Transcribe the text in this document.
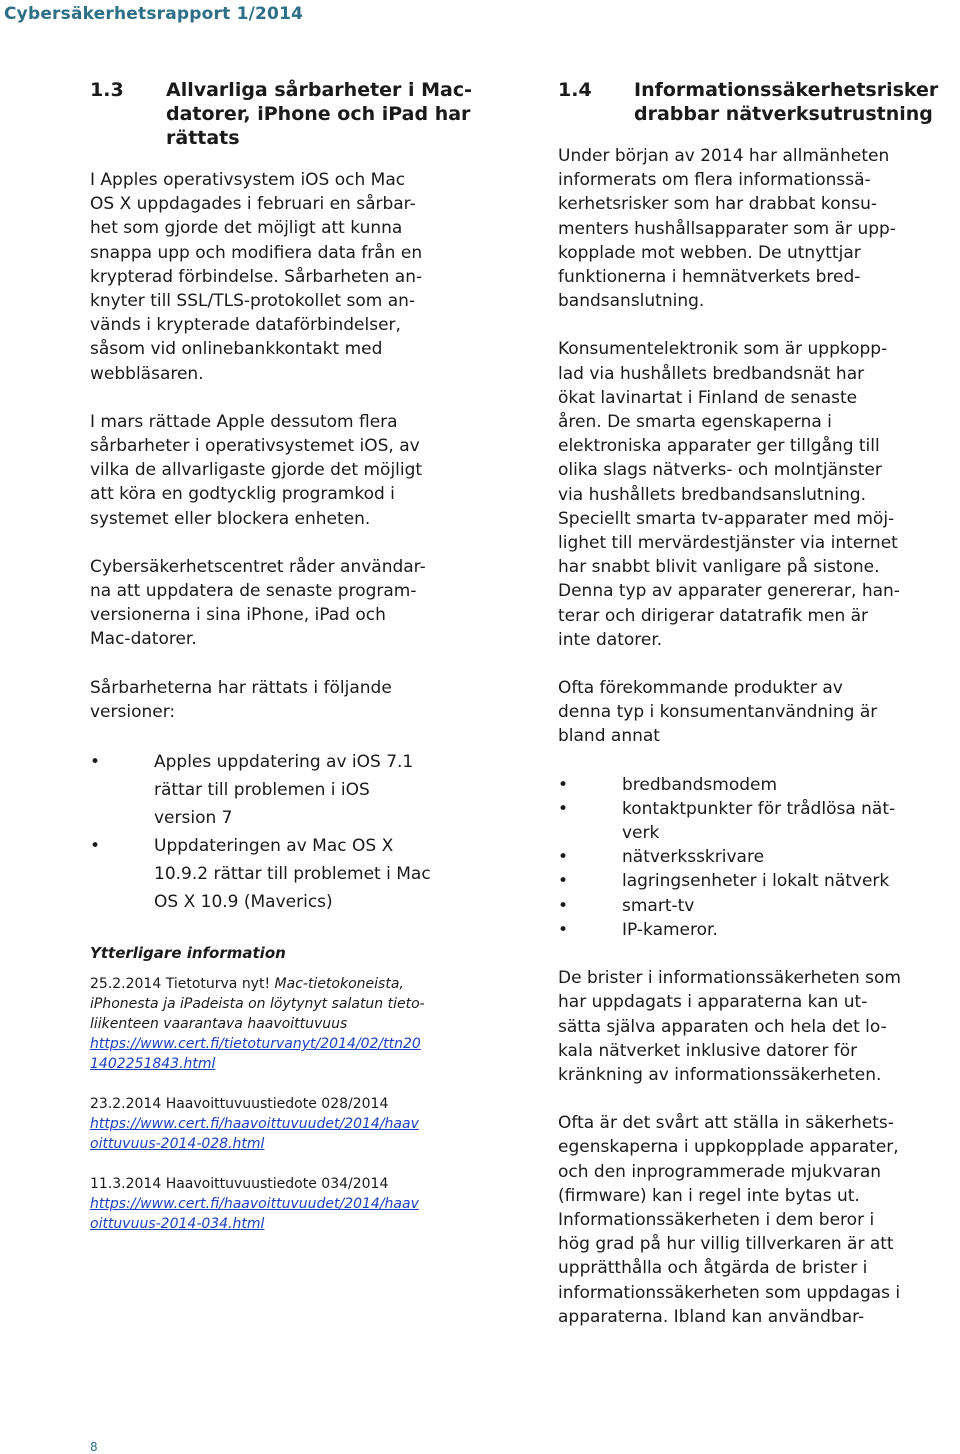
Cybersäkerhetsrapport 1/2014
1.3	Allvarliga sårbarheter i Mac-
datorer, iPhone och iPad har
rättats

I Apples operativsystem iOS och Mac
OS X uppdagades i februari en sårbar-
het som gjorde det möjligt att kunna
snappa upp och modifiera data från en
krypterad förbindelse. Sårbarheten an-
knyter till SSL/TLS-protokollet som an-
vänds i krypterade dataförbindelser,
såsom vid onlinebankkontakt med
webbläsaren.

I mars rättade Apple dessutom flera
sårbarheter i operativsystemet iOS, av
vilka de allvarligaste gjorde det möjligt
att köra en godtycklig programkod i
systemet eller blockera enheten.

Cybersäkerhetscentret råder användar-
na att uppdatera de senaste program-
versionerna i sina iPhone, iPad och
Mac-datorer.

Sårbarheterna har rättats i följande
versioner:

• Apples uppdatering av iOS 7.1
rättar till problemen i iOS
version 7
• Uppdateringen av Mac OS X
10.9.2 rättar till problemet i Mac
OS X 10.9 (Maverics)
Ytterligare information
25.2.2014 Tietoturva nyt! Mac-tietokoneista,
iPhonesta ja iPadeista on löytynyt salatun tieto-
liikenteen vaarantava haavoittuvuus
https://www.cert.fi/tietoturvanyt/2014/02/ttn20
1402251843.html
23.2.2014 Haavoittuvuustiedote 028/2014
https://www.cert.fi/haavoittuvuudet/2014/haav
oittuvuus-2014-028.html
11.3.2014 Haavoittuvuustiedote 034/2014
https://www.cert.fi/haavoittuvuudet/2014/haav
oittuvuus-2014-034.html
1.4	Informationssäkerhetsrisker
drabbar nätverksutrustning

Under början av 2014 har allmänheten
informerats om flera informationssä-
kerhetsrisker som har drabbat konsu-
menters hushållsapparater som är upp-
kopplade mot webben. De utnyttjar
funktionerna i hemnätverkets bred-
bandsanslutning.

Konsumentelektronik som är uppkopp-
lad via hushållets bredbandsnät har
ökat lavinartat i Finland de senaste
åren. De smarta egenskaperna i
elektroniska apparater ger tillgång till
olika slags nätverks- och molntjänster
via hushållets bredbandsanslutning.
Speciellt smarta tv-apparater med möj-
lighet till mervärdestjänster via internet
har snabbt blivit vanligare på sistone.
Denna typ av apparater genererar, han-
terar och dirigerar datatrafik men är
inte datorer.

Ofta förekommande produkter av
denna typ i konsumentanvändning är
bland annat

• bredbandsmodem
• kontaktpunkter för trådlösa nät-
verk
• nätverksskrivare
• lagringsenheter i lokalt nätverk
• smart-tv
• IP-kameror.

De brister i informationssäkerheten som
har uppdagats i apparaterna kan ut-
sätta själva apparaten och hela det lo-
kala nätverket inklusive datorer för
kränkning av informationssäkerheten.

Ofta är det svårt att ställa in säkerhets-
egenskaperna i uppkopplade apparater,
och den inprogrammerade mjukvaran
(firmware) kan i regel inte bytas ut.
Informationssäkerheten i dem beror i
hög grad på hur villig tillverkaren är att
upprätthålla och åtgärda de brister i
informationssäkerheten som uppdagas i
apparaterna. Ibland kan användbar-

8
